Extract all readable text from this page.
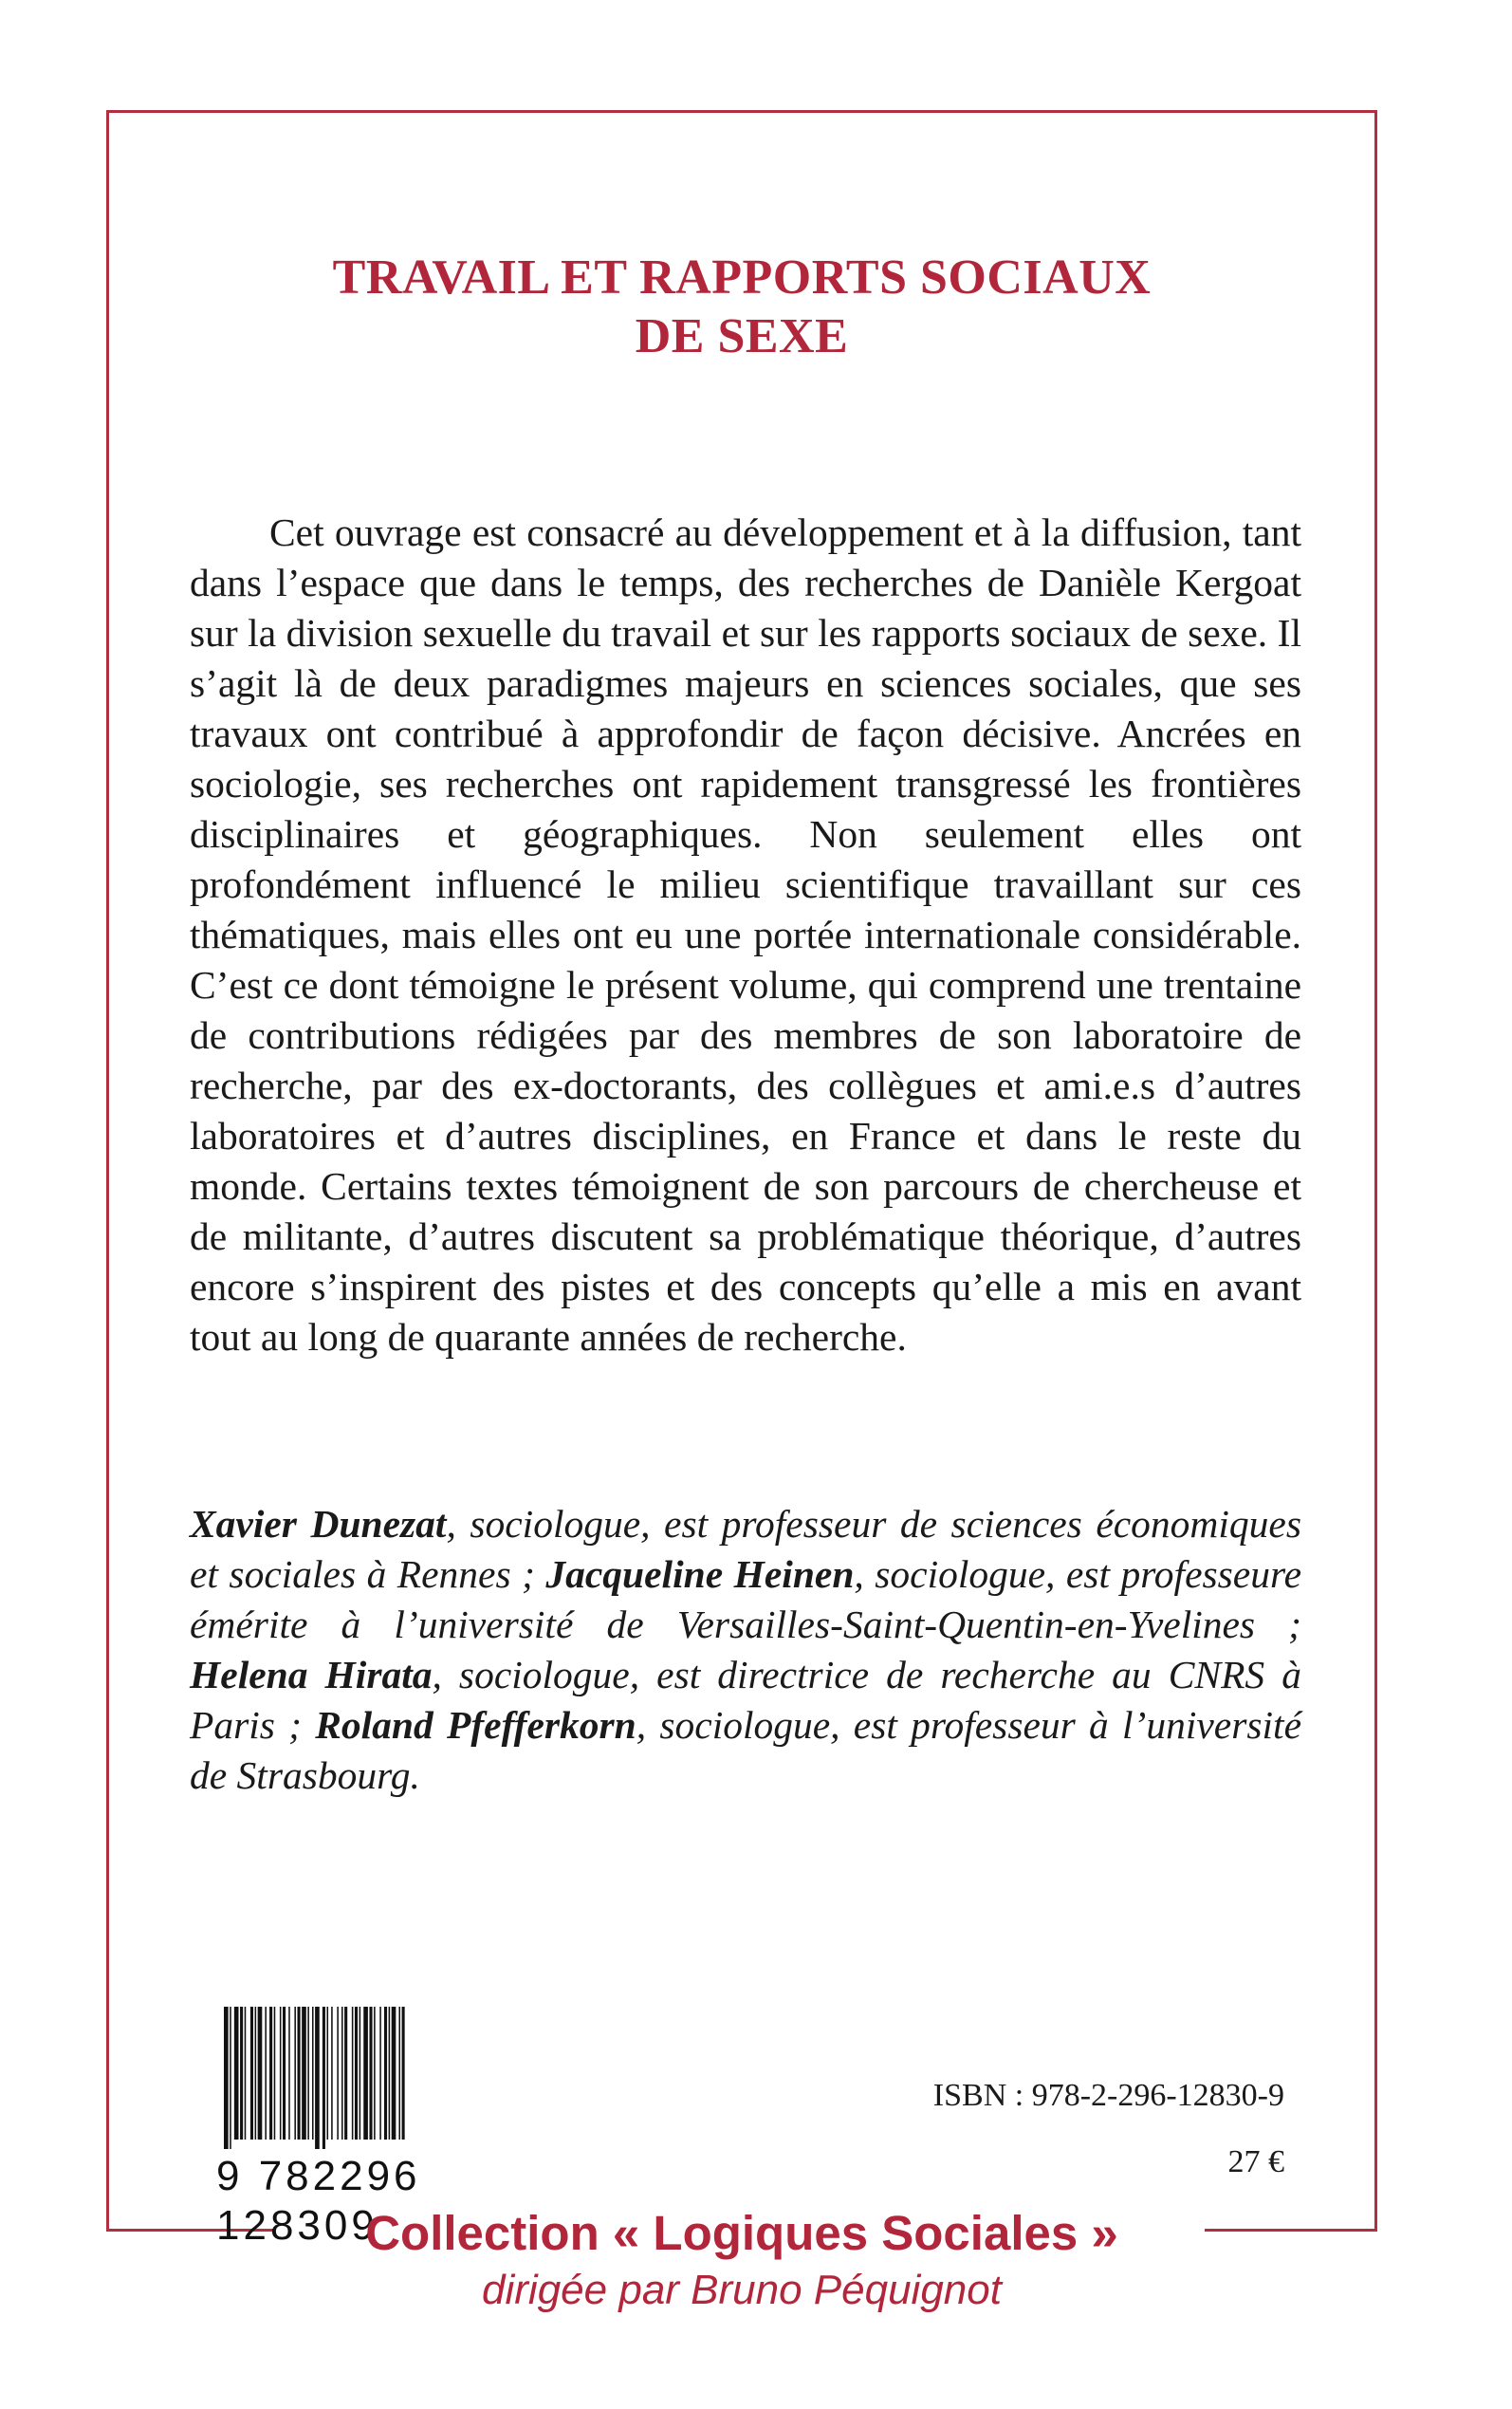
TRAVAIL ET RAPPORTS SOCIAUX
DE SEXE

Cet ouvrage est consacré au développement et à la diffusion, tant dans l’espace que dans le temps, des recherches de Danièle Kergoat sur la division sexuelle du travail et sur les rapports sociaux de sexe. Il s’agit là de deux paradigmes majeurs en sciences sociales, que ses travaux ont contribué à approfondir de façon décisive. Ancrées en sociologie, ses recherches ont rapidement transgressé les frontières disciplinaires et géographiques. Non seulement elles ont profondément influencé le milieu scientifique travaillant sur ces thématiques, mais elles ont eu une portée internationale considérable. C’est ce dont témoigne le présent volume, qui comprend une trentaine de contributions rédigées par des membres de son laboratoire de recherche, par des ex-doctorants, des collègues et ami.e.s d’autres laboratoires et d’autres disciplines, en France et dans le reste du monde. Certains textes témoignent de son parcours de chercheuse et de militante, d’autres discutent sa problématique théorique, d’autres encore s’inspirent des pistes et des concepts qu’elle a mis en avant tout au long de quarante années de recherche.

Xavier Dunezat, sociologue, est professeur de sciences économiques et sociales à Rennes ; Jacqueline Heinen, sociologue, est professeure émérite à l’université de Versailles-Saint-Quentin-en-Yvelines ; Helena Hirata, sociologue, est directrice de recherche au CNRS à Paris ; Roland Pfefferkorn, sociologue, est professeur à l’université de Strasbourg.

9 782296 128309
ISBN : 978-2-296-12830-9
27 €
Collection « Logiques Sociales »
dirigée par Bruno Péquignot
